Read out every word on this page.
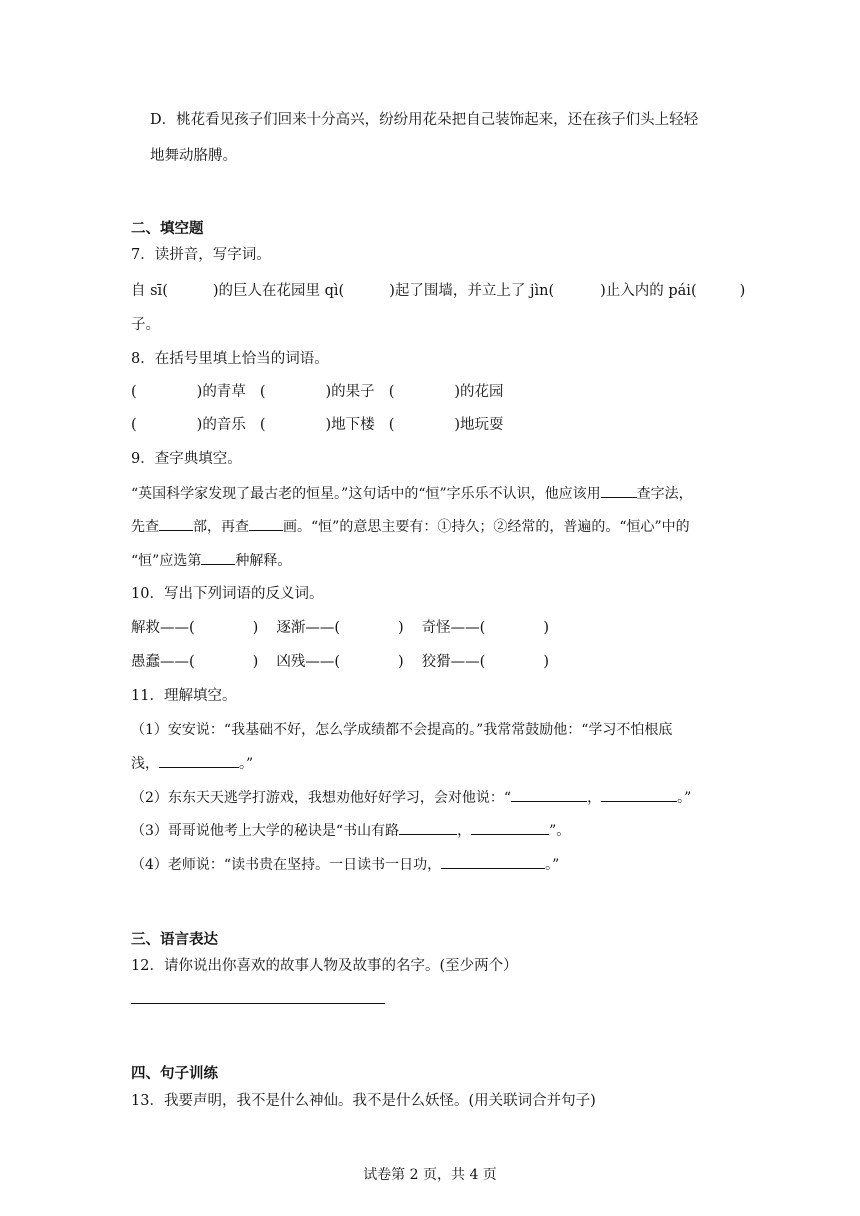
D．桃花看见孩子们回来十分高兴，纷纷用花朵把自己装饰起来，还在孩子们头上轻轻
地舞动胳膊。
二、填空题
7．读拼音，写字词。
自 sī(	)的巨人在花园里 qì(	)起了围墙，并立上了 jìn(	)止入内的 pái(	)
子。
8．在括号里填上恰当的词语。
(	)的青草 (	)的果子 (	)的花园
(	)的音乐 (	)地下楼 (	)地玩耍
9．查字典填空。
“英国科学家发现了最古老的恒星。”这句话中的“恒”字乐乐不认识，他应该用	查字法，
先查 部，再查 画。“恒”的意思主要有：①持久；②经常的，普遍的。“恒心”中的
“恒”应选第 种解释。
10．写出下列词语的反义词。
解救——(	) 逐渐——(	) 奇怪——(	)
愚蠢——(	) 凶残——(	) 狡猾——(	)
11．理解填空。
（1）安安说：“我基础不好，怎么学成绩都不会提高的。”我常常鼓励他：“学习不怕根底
浅，	。”
（2）东东天天逃学打游戏，我想劝他好好学习，会对他说：“	，	。”
（3）哥哥说他考上大学的秘诀是“书山有路	，	”。
（4）老师说：“读书贵在坚持。一日读书一日功，	。”
三、语言表达
12．请你说出你喜欢的故事人物及故事的名字。(至少两个）
四、句子训练
13．我要声明，我不是什么神仙。我不是什么妖怪。(用关联词合并句子)
试卷第 2 页，共 4 页
